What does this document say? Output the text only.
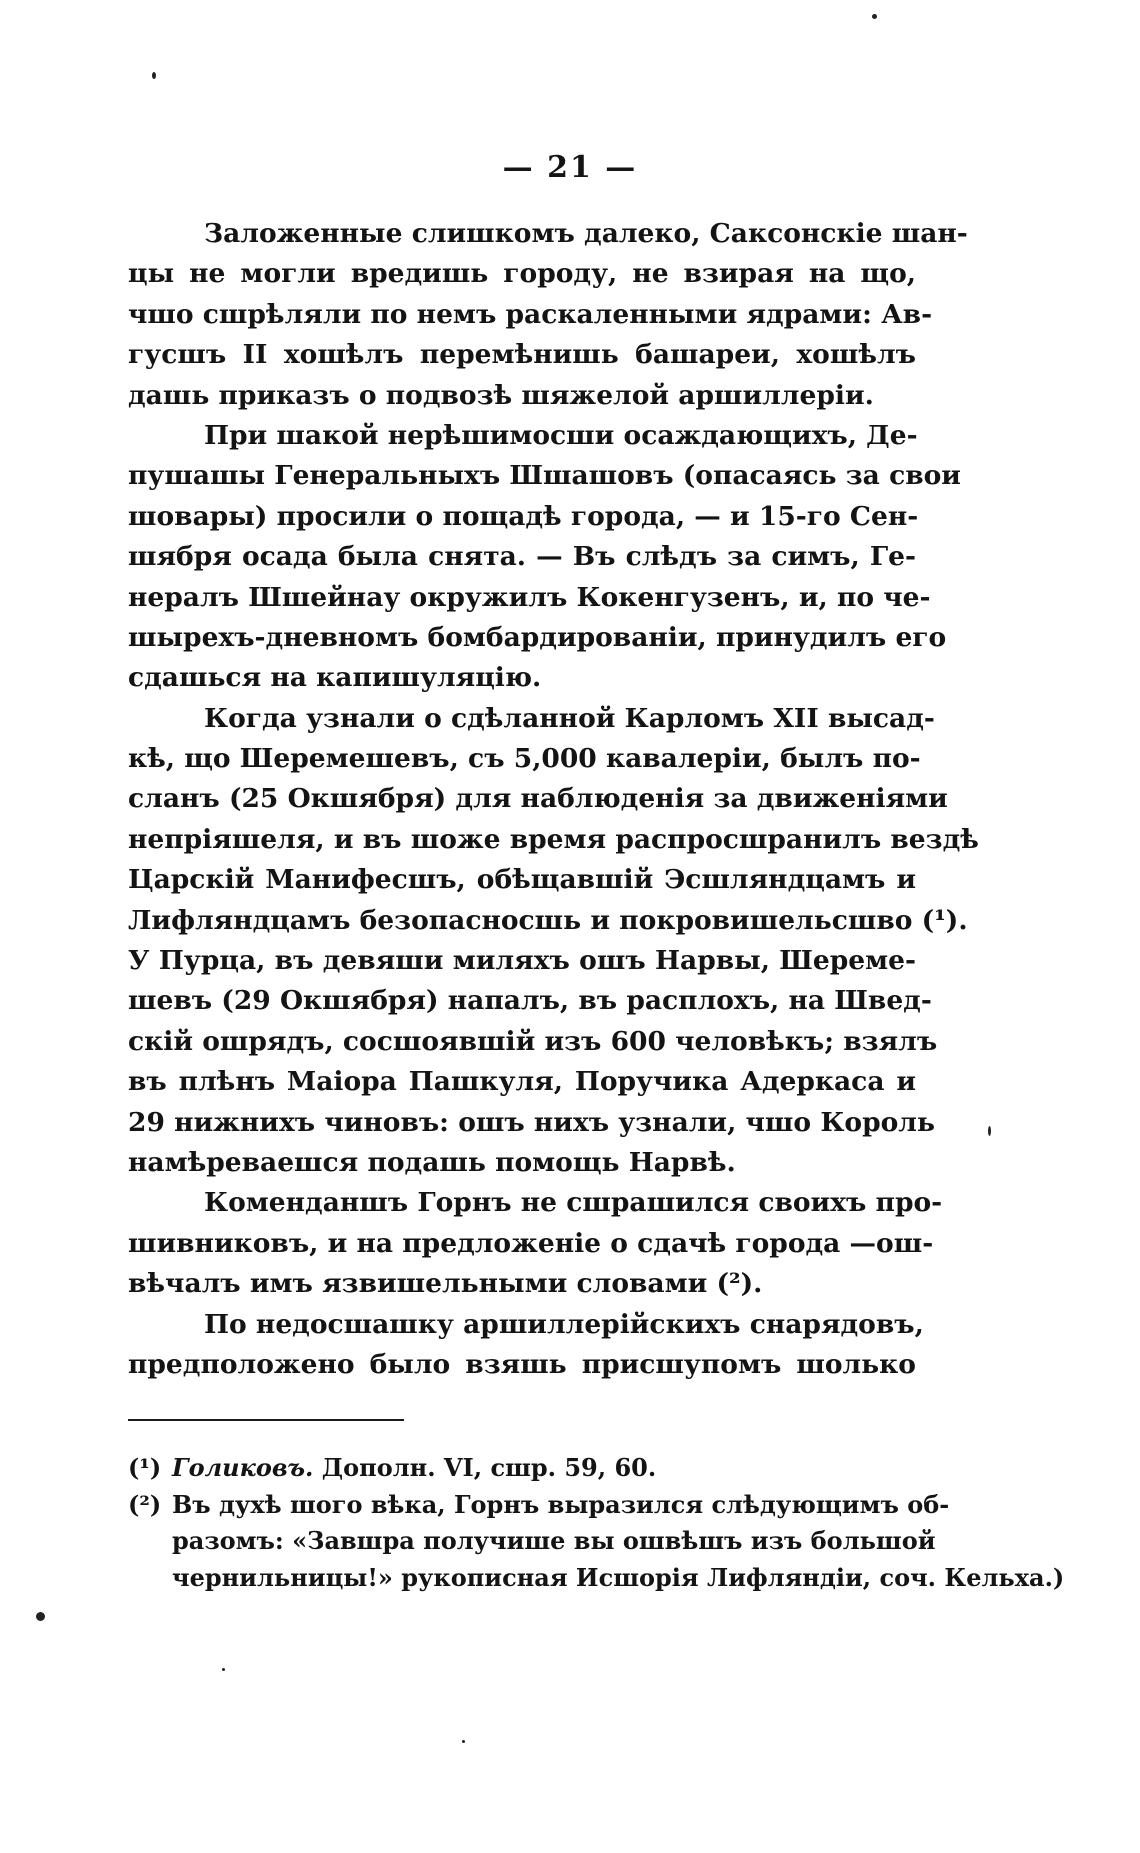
— 21 —
Заложенные слишкомъ далеко, Саксонскіе шан-
цы не могли вредишь городу, не взирая на що,
чшо сшрѣляли по немъ раскаленными ядрами: Ав-
гусшъ II хошѣлъ перемѣнишь башареи, хошѣлъ
дашь приказъ о подвозѣ шяжелой аршиллеріи.
При шакой нерѣшимосши осаждающихъ, Де-
пушашы Генеральныхъ Шшашовъ (опасаясь за свои
шовары) просили о пощадѣ города, — и 15-го Сен-
шября осада была снята. — Въ слѣдъ за симъ, Ге-
нералъ Шшейнау окружилъ Кокенгузенъ, и, по че-
шырехъ-дневномъ бомбардированіи, принудилъ его
сдашься на капишуляцію.
Когда узнали о сдѣланной Карломъ XII высад-
кѣ, що Шеремешевъ, съ 5,000 кавалеріи, былъ по-
сланъ (25 Окшября) для наблюденія за движеніями
непріяшеля, и въ шоже время распросшранилъ вездѣ
Царскій Манифесшъ, обѣщавшій Эсшляндцамъ и
Лифляндцамъ безопасносшь и покровишельсшво (¹).
У Пурца, въ девяши миляхъ ошъ Нарвы, Шереме-
шевъ (29 Окшября) напалъ, въ расплохъ, на Швед-
скій ошрядъ, сосшоявшій изъ 600 человѣкъ; взялъ
въ плѣнъ Маіора Пашкуля, Поручика Адеркаса и
29 нижнихъ чиновъ: ошъ нихъ узнали, чшо Король
намѣреваешся подашь помощь Нарвѣ.
Коменданшъ Горнъ не сшрашился своихъ про-
шивниковъ, и на предложеніе о сдачѣ города —ош-
вѣчалъ имъ язвишельными словами (²).
По недосшашку аршиллерійскихъ снарядовъ,
предположено было взяшь присшупомъ шолько
(¹) Голиковъ. Дополн. VI, сшр. 59, 60.
(²) Въ духѣ шого вѣка, Горнъ выразился слѣдующимъ об-
разомъ: «Завшра получише вы ошвѣшъ изъ большой
чернильницы!» рукописная Исшорія Лифляндіи, соч. Кельха.)
